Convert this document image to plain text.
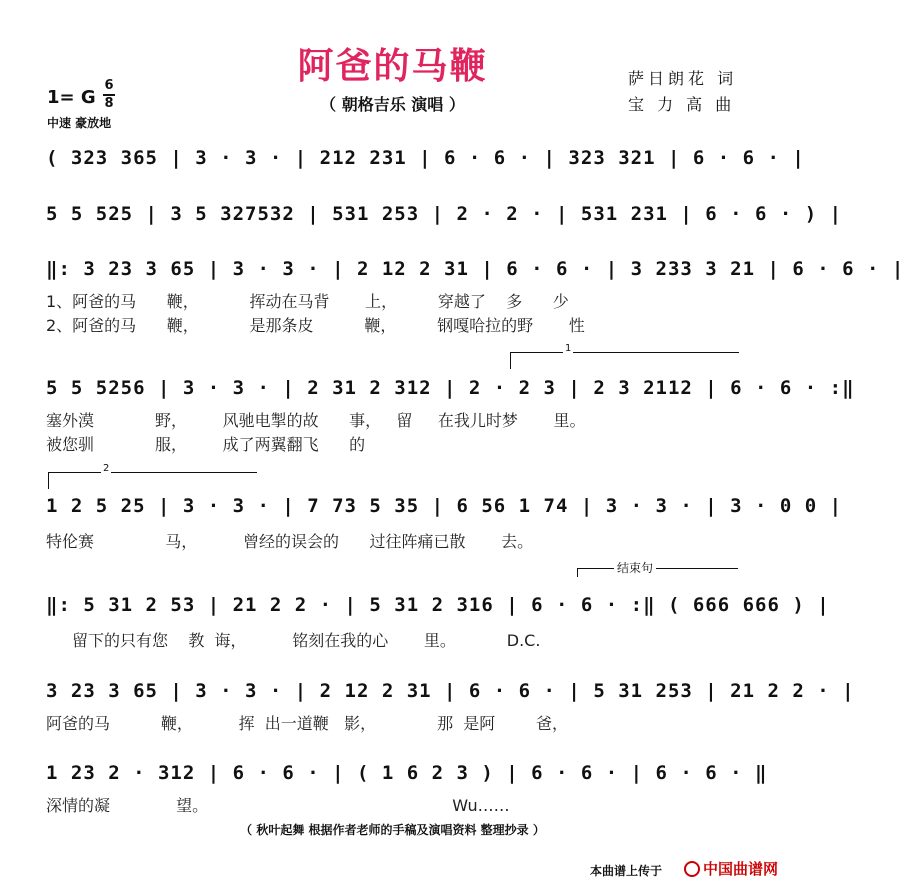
阿爸的马鞭
（ 朝格吉乐 演唱 ）
萨日朗花 词
宝 力 高 曲
1= G
6
8
中速 豪放地
( 323 365 | 3 · 3 · | 212 231 | 6 · 6 · | 323 321 | 6 · 6 · |
5 5 525 | 3 5 327532 | 531 253 | 2 · 2 · | 531 231 | 6 · 6 · ) |
‖: 3 23 3 65 | 3 · 3 · | 2 12 2 31 | 6 · 6 · | 3 233 3 21 | 6 · 6 · |
1、阿爸的马      鞭，          挥动在马背       上，        穿越了    多      少
2、阿爸的马      鞭，          是那条皮          鞭，        钢嘎哈拉的野       性
1
5 5 5256 | 3 · 3 · | 2 31 2 312 | 2 · 2 3 | 2 3 2112 | 6 · 6 · :‖
塞外漠            野，       风驰电掣的故      事，   留     在我儿时梦       里。
被您驯            服，       成了两翼翻飞      的
2
1 2 5 25 | 3 · 3 · | 7 73 5 35 | 6 56 1 74 | 3 · 3 · | 3 · 0 0 |
特伦赛              马，         曾经的误会的      过往阵痛已散       去。
结束句
‖: 5 31 2 53 | 21 2 2 · | 5 31 2 316 | 6 · 6 · :‖ ( 666 666 ) |
留下的只有您    教  诲，         铭刻在我的心       里。          D.C.
3 23 3 65 | 3 · 3 · | 2 12 2 31 | 6 · 6 · | 5 31 253 | 21 2 2 · |
阿爸的马          鞭，         挥  出一道鞭   影，            那  是阿        爸，
1 23 2 · 312 | 6 · 6 · | ( 1 6 2 3 ) | 6 · 6 · | 6 · 6 · ‖
深情的凝             望。                                                Wu……
（ 秋叶起舞 根据作者老师的手稿及演唱资料 整理抄录 ）
本曲谱上传于	中国曲谱网
